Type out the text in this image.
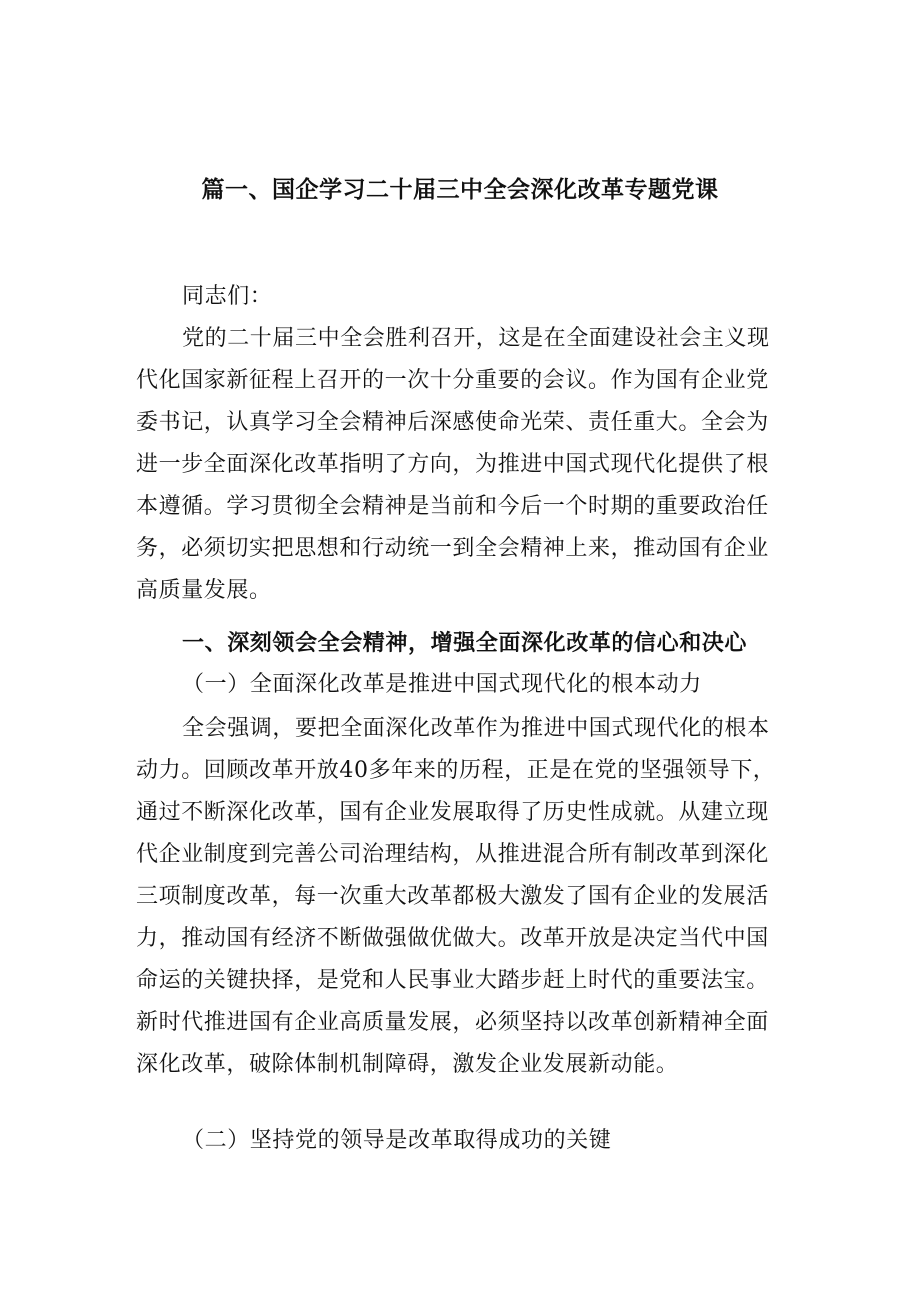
篇一、国企学习二十届三中全会深化改革专题党课
同志们：
党的二十届三中全会胜利召开，这是在全面建设社会主义现
代化国家新征程上召开的一次十分重要的会议。作为国有企业党
委书记，认真学习全会精神后深感使命光荣、责任重大。全会为
进一步全面深化改革指明了方向，为推进中国式现代化提供了根
本遵循。学习贯彻全会精神是当前和今后一个时期的重要政治任
务，必须切实把思想和行动统一到全会精神上来，推动国有企业
高质量发展。
一、深刻领会全会精神，增强全面深化改革的信心和决心
（一）全面深化改革是推进中国式现代化的根本动力
全会强调，要把全面深化改革作为推进中国式现代化的根本
动力。回顾改革开放40多年来的历程，正是在党的坚强领导下，
通过不断深化改革，国有企业发展取得了历史性成就。从建立现
代企业制度到完善公司治理结构，从推进混合所有制改革到深化
三项制度改革，每一次重大改革都极大激发了国有企业的发展活
力，推动国有经济不断做强做优做大。改革开放是决定当代中国
命运的关键抉择，是党和人民事业大踏步赶上时代的重要法宝。
新时代推进国有企业高质量发展，必须坚持以改革创新精神全面
深化改革，破除体制机制障碍，激发企业发展新动能。
（二）坚持党的领导是改革取得成功的关键
